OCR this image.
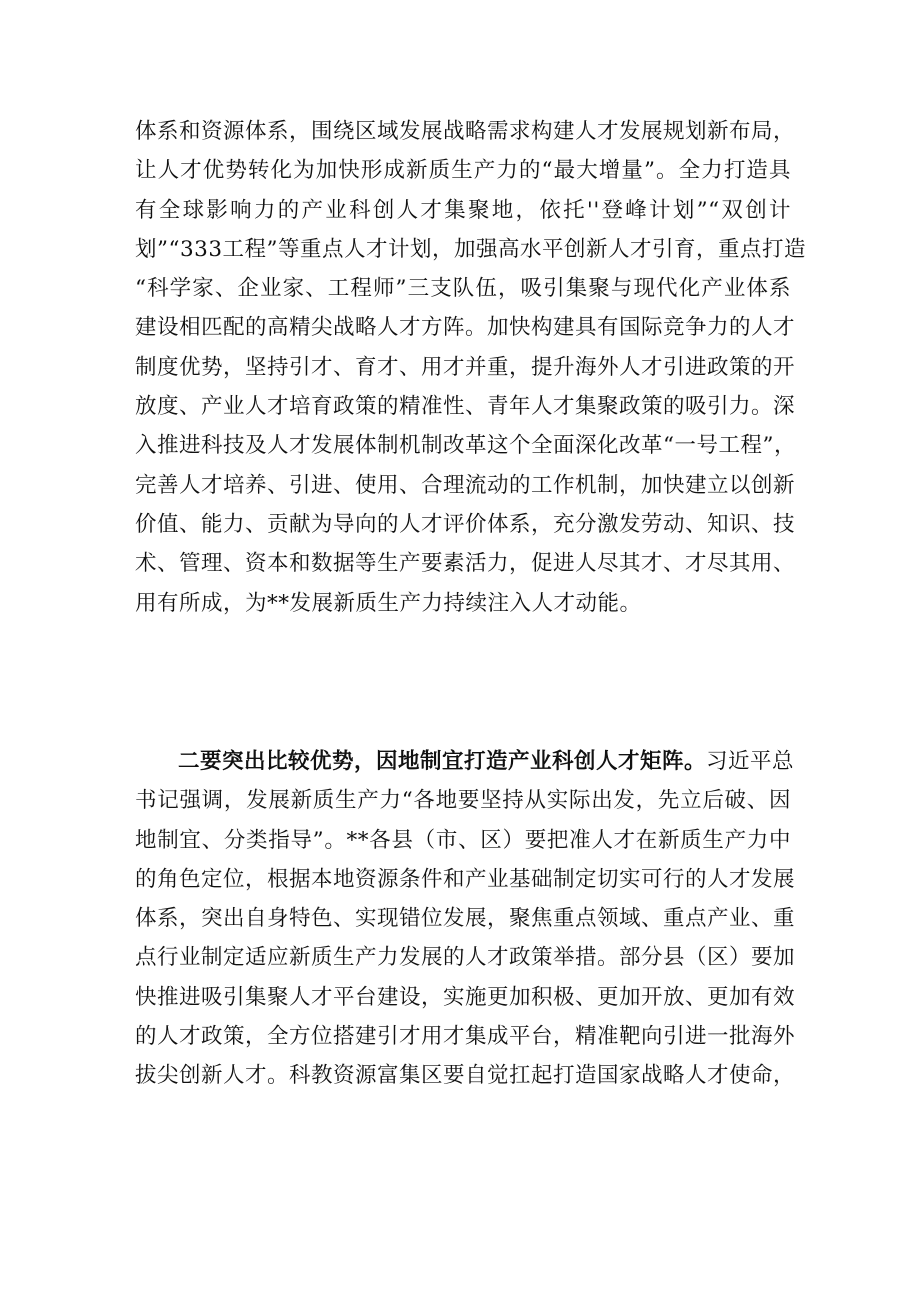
体系和资源体系，围绕区域发展战略需求构建人才发展规划新布局，
让人才优势转化为加快形成新质生产力的“最大增量”。全力打造具
有全球影响力的产业科创人才集聚地，依托''登峰计划”“双创计
划”“333工程”等重点人才计划，加强高水平创新人才引育，重点打造
“科学家、企业家、工程师”三支队伍，吸引集聚与现代化产业体系
建设相匹配的高精尖战略人才方阵。加快构建具有国际竞争力的人才
制度优势，坚持引才、育才、用才并重，提升海外人才引进政策的开
放度、产业人才培育政策的精准性、青年人才集聚政策的吸引力。深
入推进科技及人才发展体制机制改革这个全面深化改革“一号工程”，
完善人才培养、引进、使用、合理流动的工作机制，加快建立以创新
价值、能力、贡献为导向的人才评价体系，充分激发劳动、知识、技
术、管理、资本和数据等生产要素活力，促进人尽其才、才尽其用、
用有所成，为**发展新质生产力持续注入人才动能。
二要突出比较优势，因地制宜打造产业科创人才矩阵。习近平总
书记强调，发展新质生产力“各地要坚持从实际出发，先立后破、因
地制宜、分类指导”。**各县（市、区）要把准人才在新质生产力中
的角色定位，根据本地资源条件和产业基础制定切实可行的人才发展
体系，突出自身特色、实现错位发展，聚焦重点领域、重点产业、重
点行业制定适应新质生产力发展的人才政策举措。部分县（区）要加
快推进吸引集聚人才平台建设，实施更加积极、更加开放、更加有效
的人才政策，全方位搭建引才用才集成平台，精准靶向引进一批海外
拔尖创新人才。科教资源富集区要自觉扛起打造国家战略人才使命，
